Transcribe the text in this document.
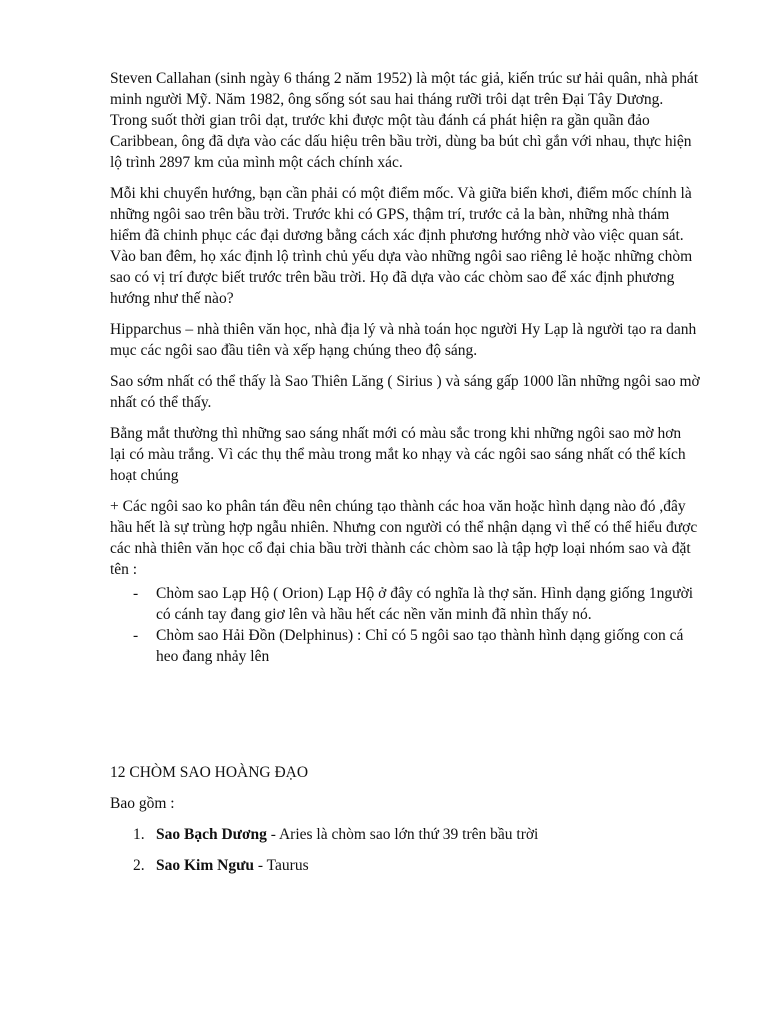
Steven Callahan (sinh ngày 6 tháng 2 năm 1952) là một tác giả, kiến trúc sư hải quân, nhà phát minh người Mỹ. Năm 1982, ông sống sót sau hai tháng rưỡi trôi dạt trên Đại Tây Dương. Trong suốt thời gian trôi dạt, trước khi được một tàu đánh cá phát hiện ra gần quần đảo Caribbean, ông đã dựa vào các dấu hiệu trên bầu trời, dùng ba bút chì gắn với nhau, thực hiện lộ trình 2897 km của mình một cách chính xác.

Mỗi khi chuyển hướng, bạn cần phải có một điểm mốc. Và giữa biển khơi, điểm mốc chính là những ngôi sao trên bầu trời. Trước khi có GPS, thậm trí, trước cả la bàn, những nhà thám hiểm đã chinh phục các đại dương bằng cách xác định phương hướng nhờ vào việc quan sát. Vào ban đêm, họ xác định lộ trình chủ yếu dựa vào những ngôi sao riêng lẻ hoặc những chòm sao có vị trí được biết trước trên bầu trời. Họ đã dựa vào các chòm sao để xác định phương hướng như thế nào?

Hipparchus – nhà thiên văn học, nhà địa lý và nhà toán học người Hy Lạp là người tạo ra danh mục các ngôi sao đầu tiên và xếp hạng chúng theo độ sáng.

Sao sớm nhất có thể thấy là Sao Thiên Lăng ( Sirius ) và sáng gấp 1000 lần những ngôi sao mờ nhất có thể thấy.

Bằng mắt thường thì những sao sáng nhất mới có màu sắc trong khi những ngôi sao mờ hơn lại có màu trắng. Vì các thụ thể màu trong mắt ko nhạy và các ngôi sao sáng nhất có thể kích hoạt chúng

+ Các ngôi sao ko phân tán đều nên chúng tạo thành các hoa văn hoặc hình dạng nào đó ,đây hầu hết là sự trùng hợp ngẫu nhiên. Nhưng con người có thể nhận dạng vì thế có thể hiểu được các nhà thiên văn học cổ đại chia bầu trời thành các chòm sao là tập hợp loại nhóm sao và đặt tên :

- Chòm sao Lạp Hộ ( Orion) Lạp Hộ ở đây có nghĩa là thợ săn. Hình dạng giống 1người có cánh tay đang giơ lên và hầu hết các nền văn minh đã nhìn thấy nó.
- Chòm sao Hải Đồn (Delphinus) : Chỉ có 5 ngôi sao tạo thành hình dạng giống con cá heo đang nhảy lên

12 CHÒM SAO HOÀNG ĐẠO

Bao gồm :

1. Sao Bạch Dương - Aries là chòm sao lớn thứ 39 trên bầu trời
2. Sao Kim Ngưu - Taurus
